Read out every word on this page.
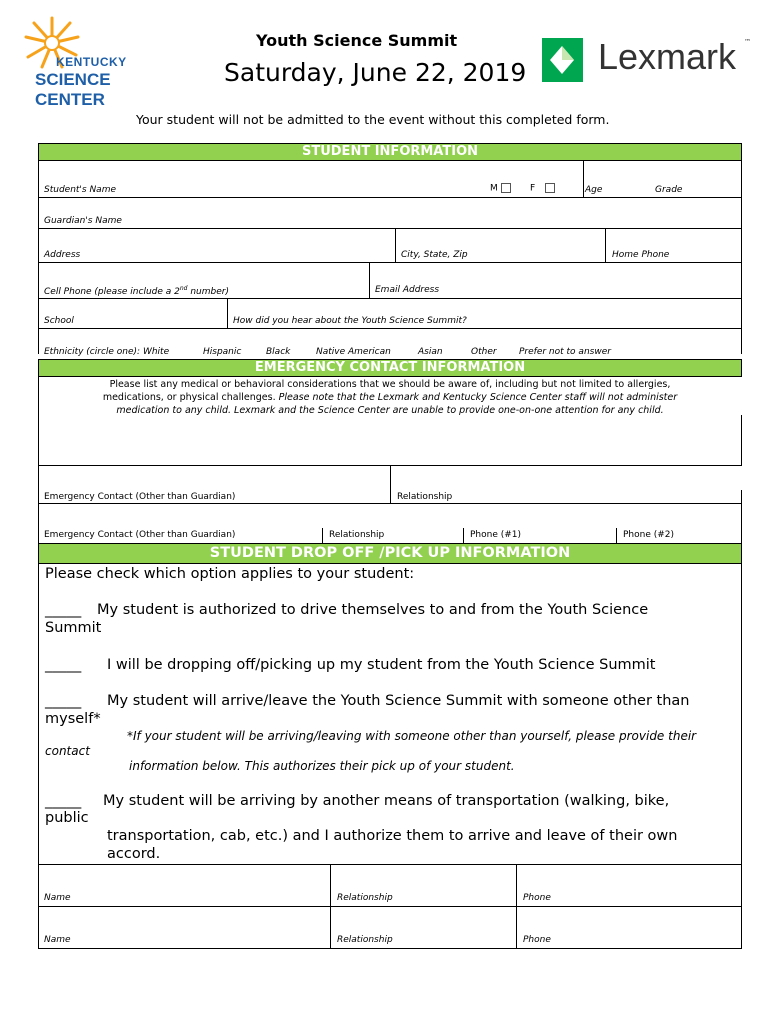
KENTUCKY
SCIENCE CENTER
Youth Science Summit
Saturday, June 22, 2019 Lexmark ™
Your student will not be admitted to the event without this completed form.
STUDENT INFORMATION
Student's Name	M	F	Age	Grade
Guardian's Name
Address	City, State, Zip	Home Phone
Cell Phone (please include a 2nd number)	Email Address
School	How did you hear about the Youth Science Summit?
Ethnicity (circle one): White	Hispanic	Black	Native American	Asian	Other Prefer not to answer
EMERGENCY CONTACT INFORMATION
Please list any medical or behavioral considerations that we should be aware of, including but not limited to allergies,
medications, or physical challenges. Please note that the Lexmark and Kentucky Science Center staff will not administer
medication to any child. Lexmark and the Science Center are unable to provide one-on-one attention for any child.
Emergency Contact (Other than Guardian)	Relationship
Emergency Contact (Other than Guardian)	Relationship	Phone (#1)	Phone (#2)
STUDENT DROP OFF /PICK UP INFORMATION
Please check which option applies to your student:
_____ My student is authorized to drive themselves to and from the Youth Science
Summit
_____ I will be dropping off/picking up my student from the Youth Science Summit
_____ My student will arrive/leave the Youth Science Summit with someone other than
myself*
*If your student will be arriving/leaving with someone other than yourself, please provide their
contact
information below. This authorizes their pick up of your student.
_____ My student will be arriving by another means of transportation (walking, bike,
public
transportation, cab, etc.) and I authorize them to arrive and leave of their own
accord.
Name	Relationship	Phone
Name	Relationship	Phone
